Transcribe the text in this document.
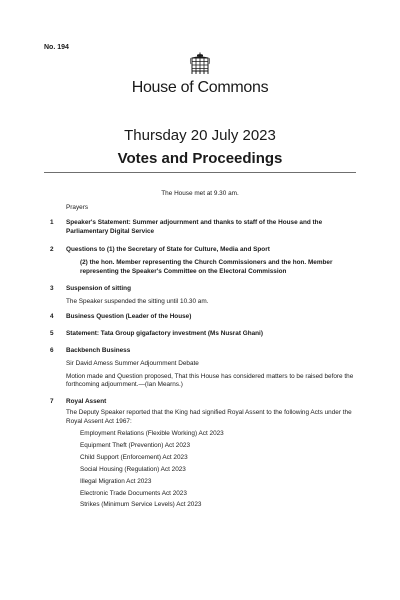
No. 194
House of Commons
Thursday 20 July 2023
Votes and Proceedings
The House met at 9.30 am.
Prayers
1 Speaker's Statement: Summer adjournment and thanks to staff of the House and the Parliamentary Digital Service
2 Questions to (1) the Secretary of State for Culture, Media and Sport
(2) the hon. Member representing the Church Commissioners and the hon. Member representing the Speaker's Committee on the Electoral Commission
3 Suspension of sitting
The Speaker suspended the sitting until 10.30 am.
4 Business Question (Leader of the House)
5 Statement: Tata Group gigafactory investment (Ms Nusrat Ghani)
6 Backbench Business
Sir David Amess Summer Adjournment Debate
Motion made and Question proposed, That this House has considered matters to be raised before the forthcoming adjournment.—(Ian Mearns.)
7 Royal Assent
The Deputy Speaker reported that the King had signified Royal Assent to the following Acts under the Royal Assent Act 1967:
Employment Relations (Flexible Working) Act 2023
Equipment Theft (Prevention) Act 2023
Child Support (Enforcement) Act 2023
Social Housing (Regulation) Act 2023
Illegal Migration Act 2023
Electronic Trade Documents Act 2023
Strikes (Minimum Service Levels) Act 2023
